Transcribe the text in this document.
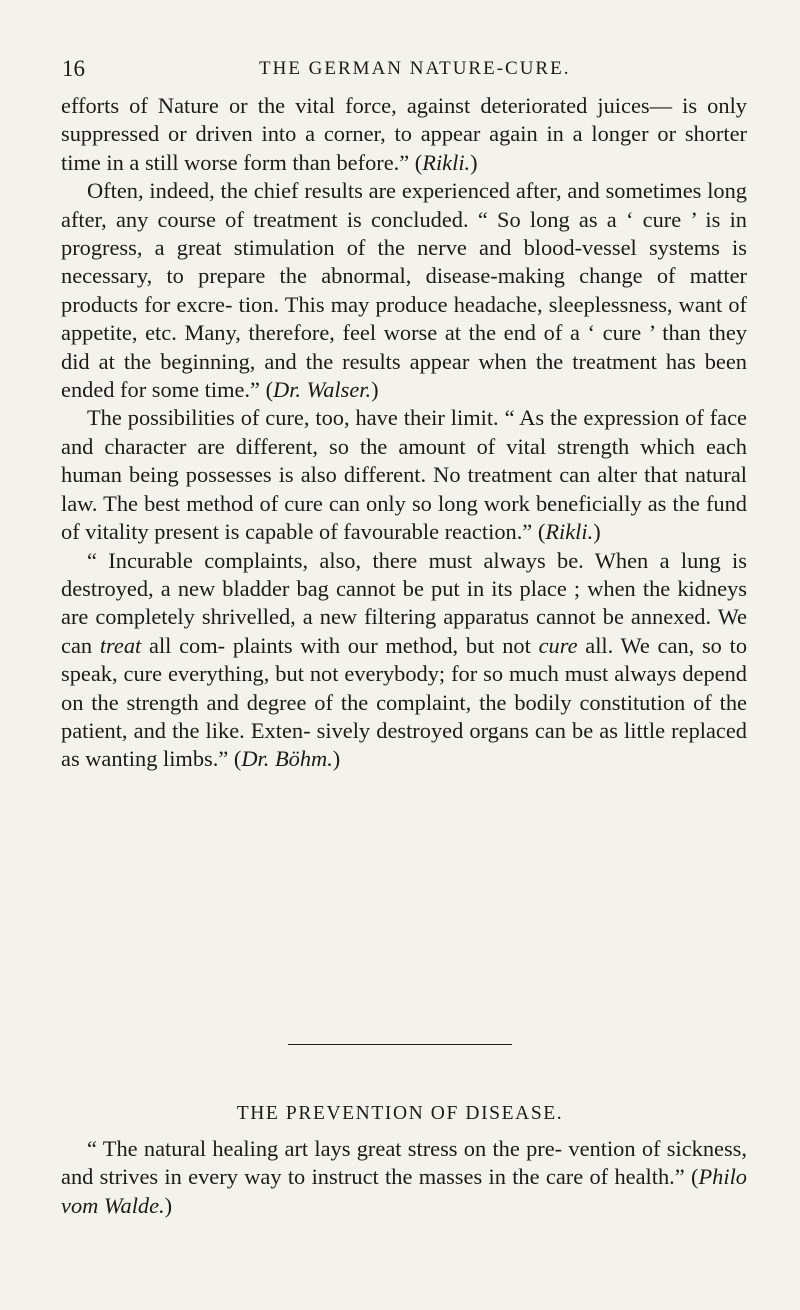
16	THE GERMAN NATURE-CURE.

efforts of Nature or the vital force, against deteriorated juices— is only suppressed or driven into a corner, to appear again in a longer or shorter time in a still worse form than before.” (Rikli.)

Often, indeed, the chief results are experienced after, and sometimes long after, any course of treatment is concluded. “ So long as a ‘ cure ’ is in progress, a great stimulation of the nerve and blood-vessel systems is necessary, to prepare the abnormal, disease-making change of matter products for excre- tion. This may produce headache, sleeplessness, want of appetite, etc. Many, therefore, feel worse at the end of a ‘ cure ’ than they did at the beginning, and the results appear when the treatment has been ended for some time.” (Dr. Walser.)

The possibilities of cure, too, have their limit. “ As the expression of face and character are different, so the amount of vital strength which each human being possesses is also different. No treatment can alter that natural law. The best method of cure can only so long work beneficially as the fund of vitality present is capable of favourable reaction.” (Rikli.)

“ Incurable complaints, also, there must always be. When a lung is destroyed, a new bladder bag cannot be put in its place ; when the kidneys are completely shrivelled, a new filtering apparatus cannot be annexed. We can treat all com- plaints with our method, but not cure all. We can, so to speak, cure everything, but not everybody; for so much must always depend on the strength and degree of the complaint, the bodily constitution of the patient, and the like. Exten- sively destroyed organs can be as little replaced as wanting limbs.” (Dr. Böhm.)

THE PREVENTION OF DISEASE.

“ The natural healing art lays great stress on the pre- vention of sickness, and strives in every way to instruct the masses in the care of health.” (Philo vom Walde.)
